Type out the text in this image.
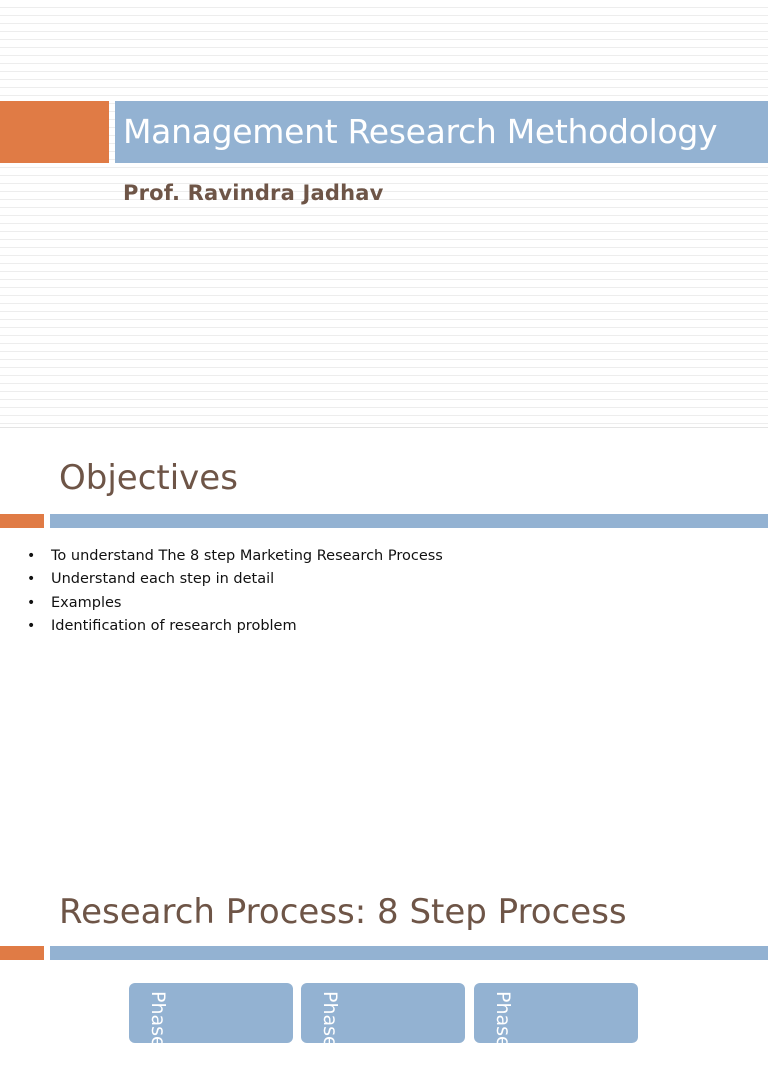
Management Research Methodology
Prof. Ravindra Jadhav
Objectives
• To understand The 8 step Marketing Research Process
• Understand each step in detail
• Examples
• Identification of research problem
Research Process: 8 Step Process
Phase I	Phase II	Phase III
